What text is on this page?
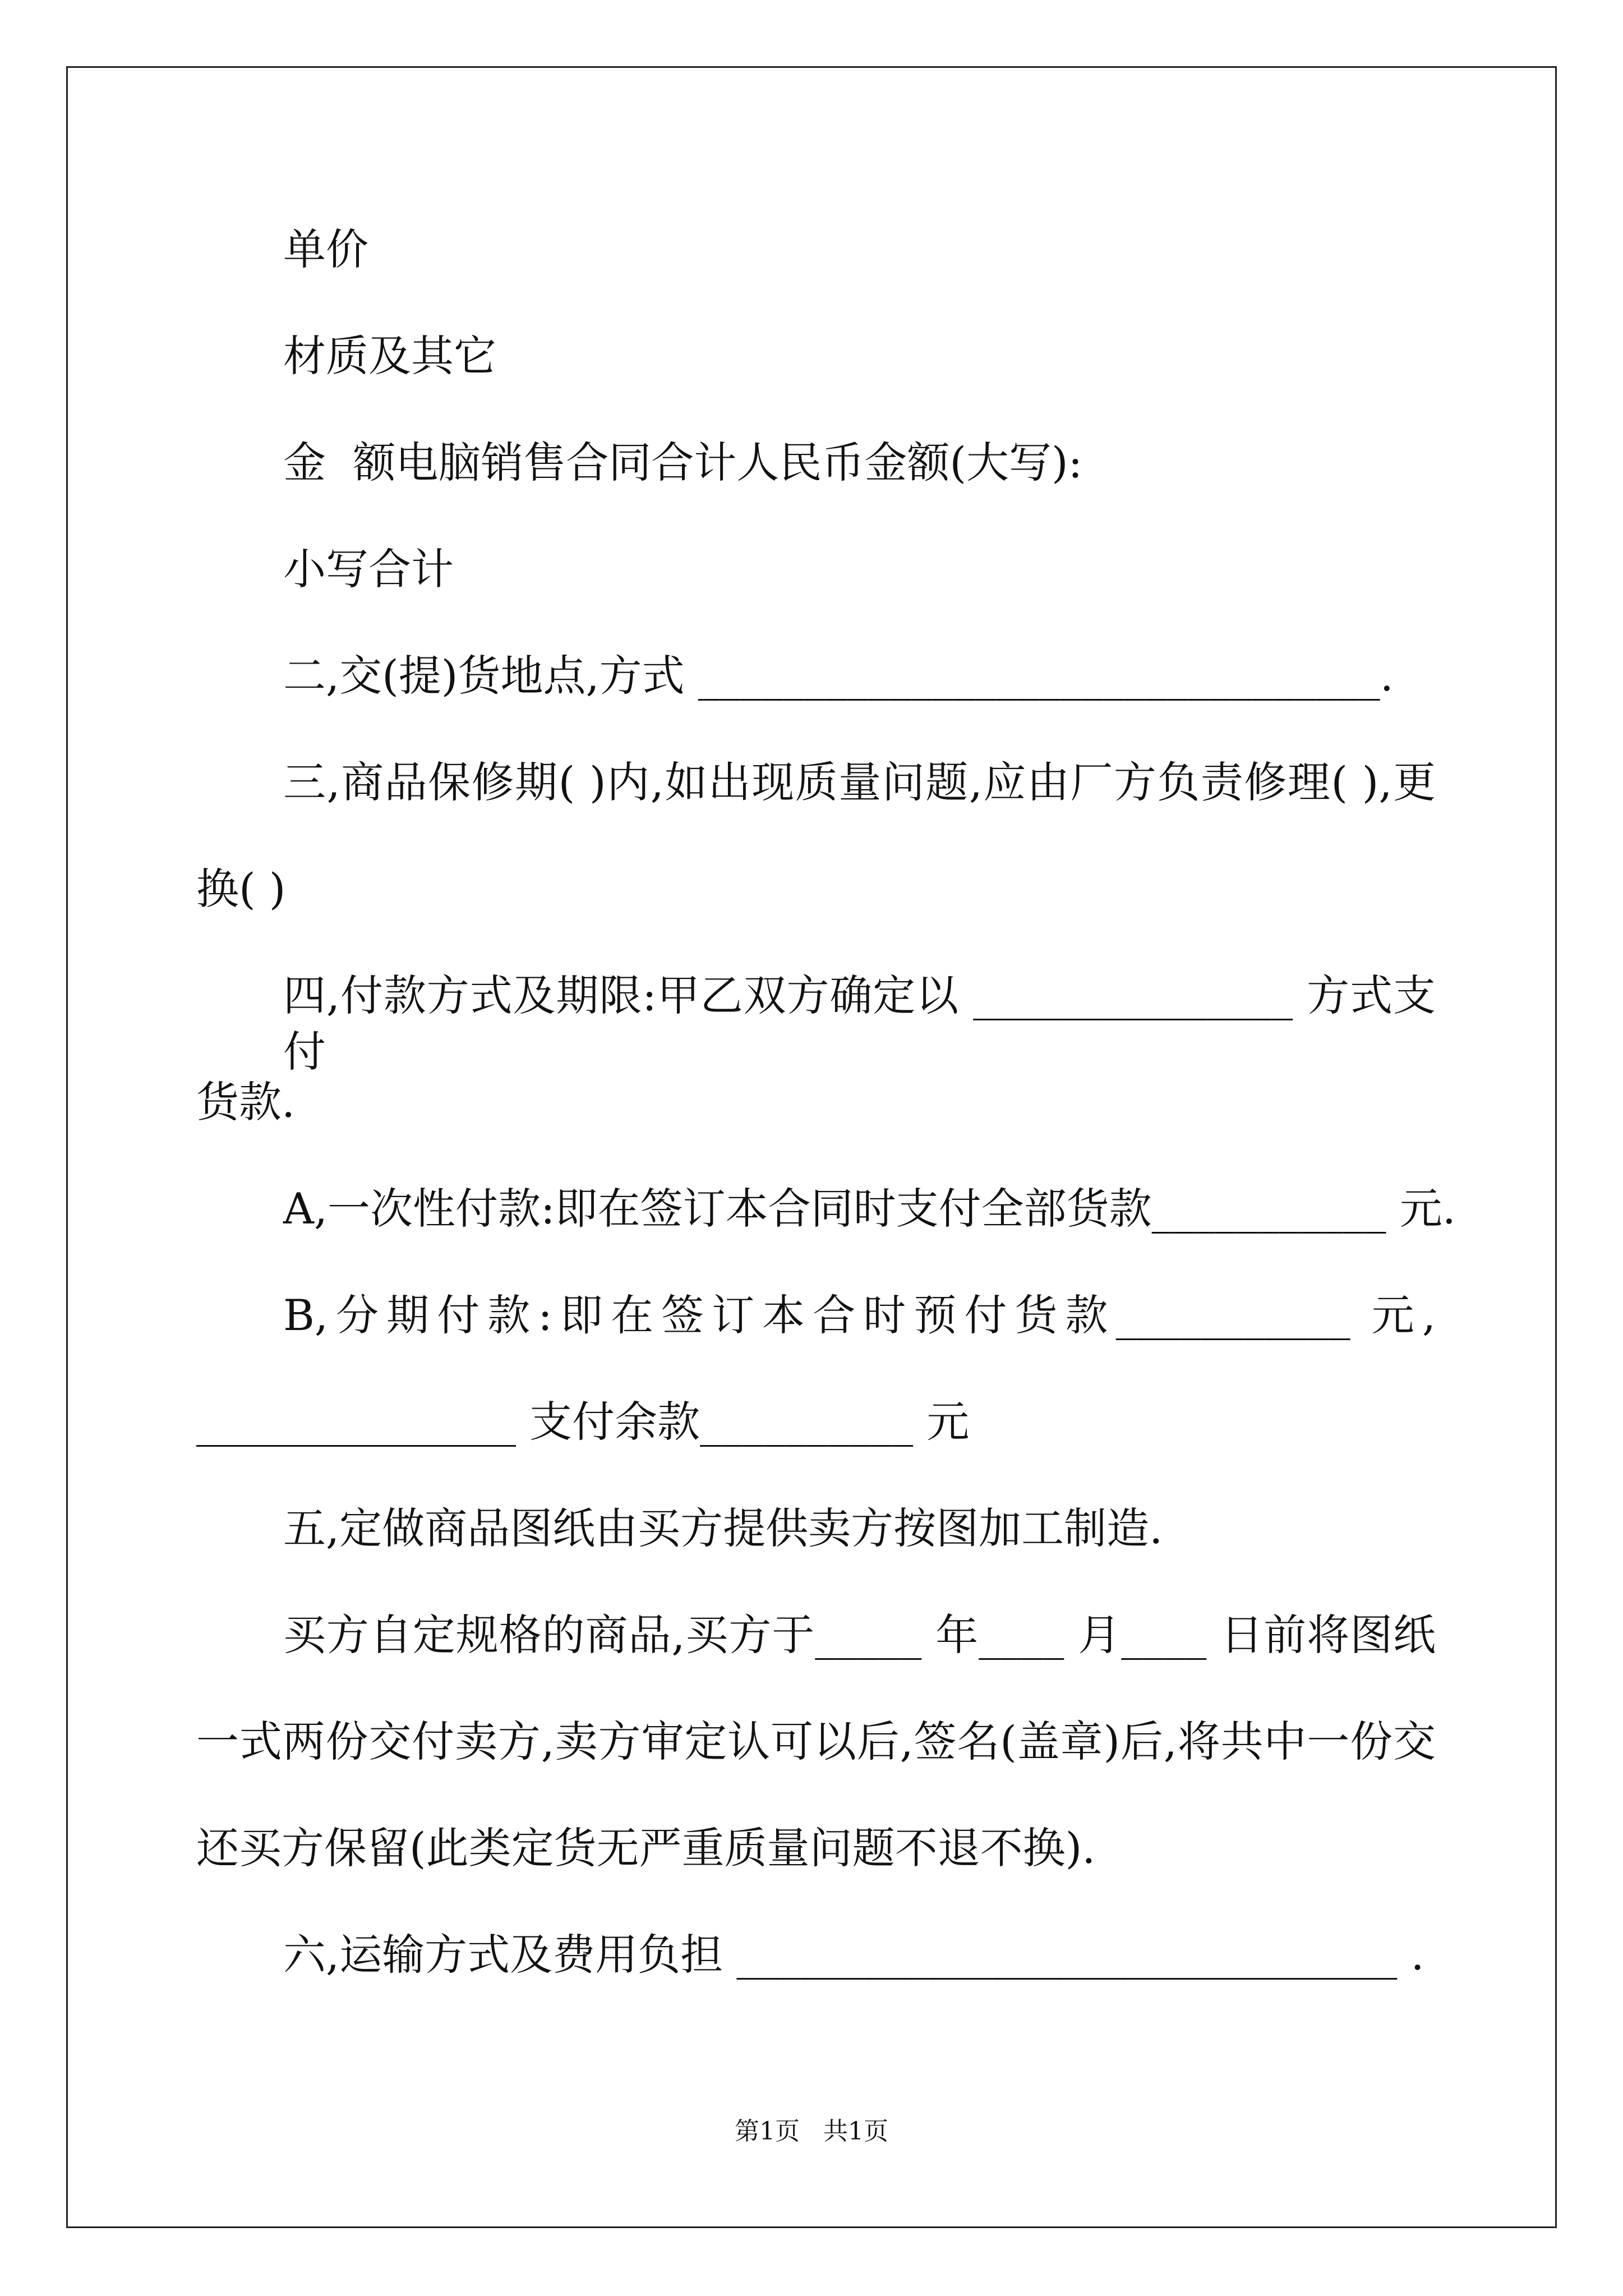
单价

材质及其它

金  额电脑销售合同合计人民币金额(大写):

小写合计

二,交(提)货地点,方式 ________________________________.

三,商品保修期( )内,如出现质量问题,应由厂方负责修理( ),更

换( )

四,付款方式及期限:甲乙双方确定以 _______________ 方式支付

货款.

A,一次性付款:即在签订本合同时支付全部货款___________ 元.

B,分期付款:即在签订本合时预付货款___________ 元,

_______________ 支付余款__________ 元

五,定做商品图纸由买方提供卖方按图加工制造.

买方自定规格的商品,买方于_____ 年____ 月____ 日前将图纸

一式两份交付卖方,卖方审定认可以后,签名(盖章)后,将共中一份交

还买方保留(此类定货无严重质量问题不退不换).

六,运输方式及费用负担 _______________________________ .

第1页   共1页
